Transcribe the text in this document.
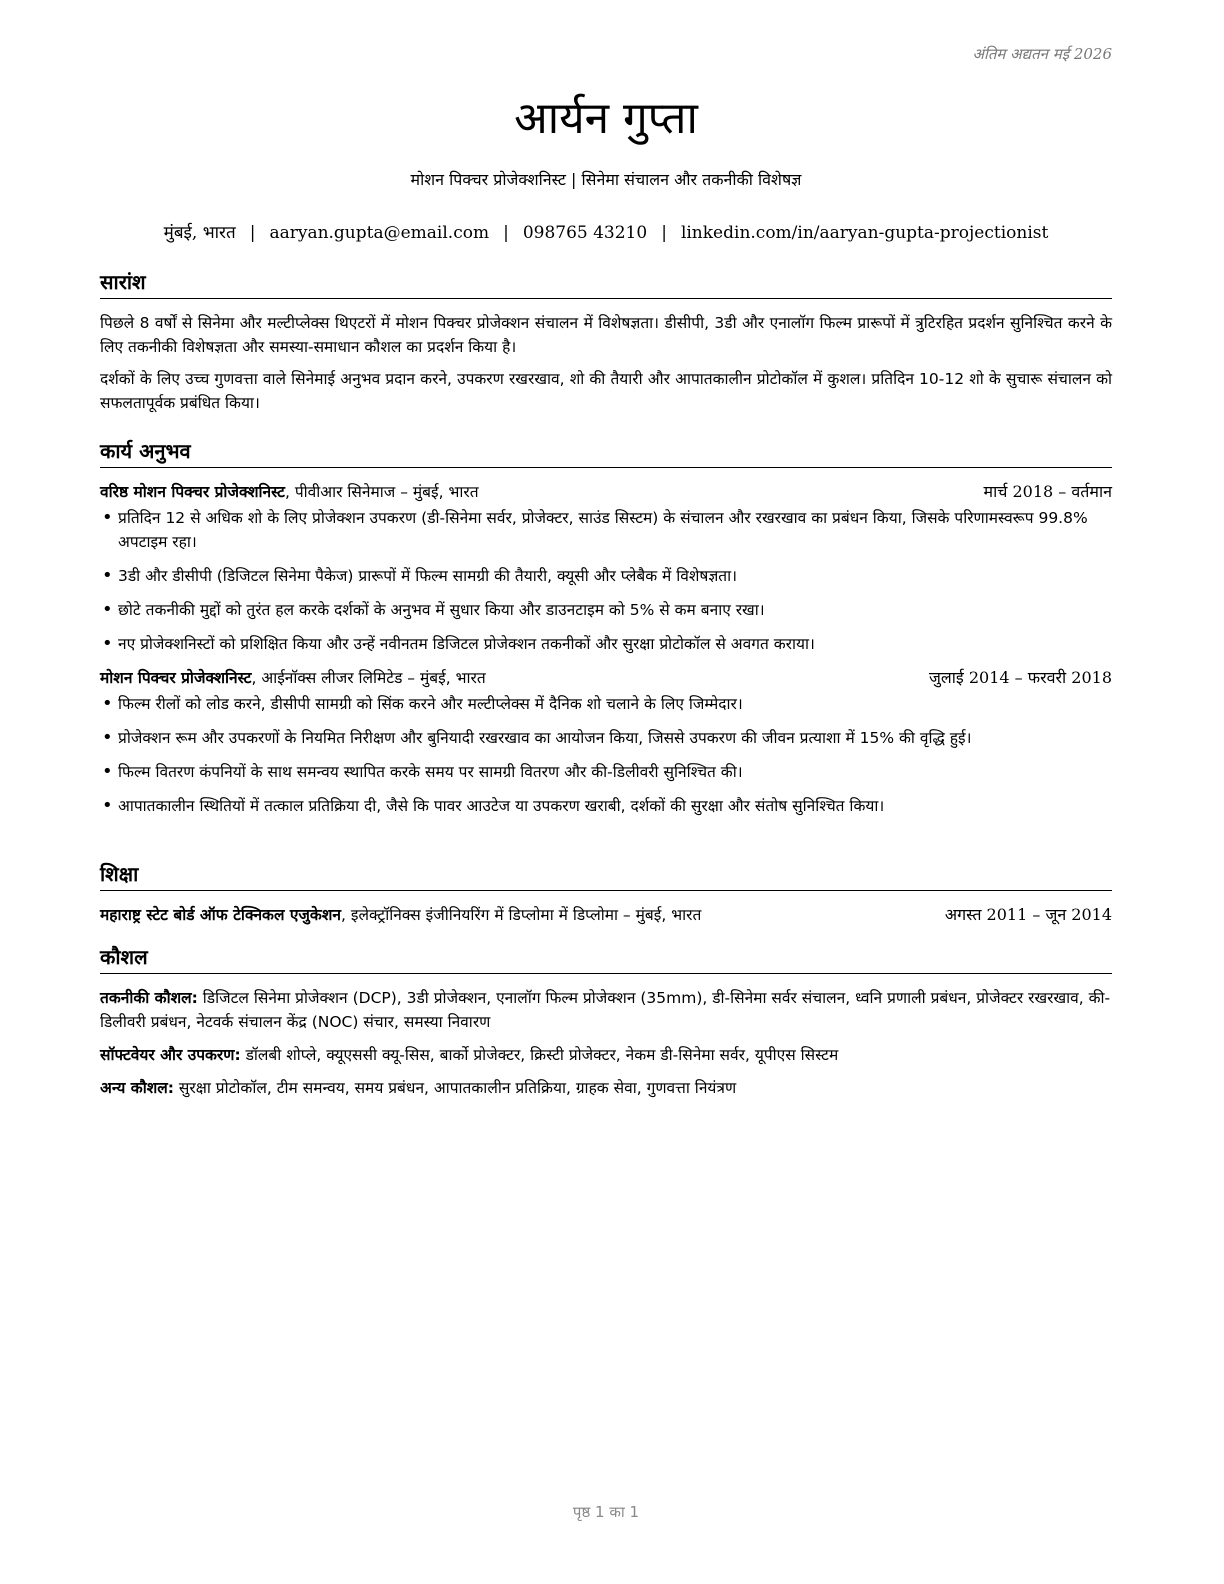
अंतिम अद्यतन मई 2026
आर्यन गुप्ता
मोशन पिक्चर प्रोजेक्शनिस्ट | सिनेमा संचालन और तकनीकी विशेषज्ञ
मुंबई, भारत | aaryan.gupta@email.com | 098765 43210 | linkedin.com/in/aaryan-gupta-projectionist
सारांश

पिछले 8 वर्षों से सिनेमा और मल्टीप्लेक्स थिएटरों में मोशन पिक्चर प्रोजेक्शन संचालन में विशेषज्ञता। डीसीपी, 3डी और एनालॉग फिल्म प्रारूपों में त्रुटिरहित प्रदर्शन सुनिश्चित करने के लिए तकनीकी विशेषज्ञता और समस्या-समाधान कौशल का प्रदर्शन किया है।

दर्शकों के लिए उच्च गुणवत्ता वाले सिनेमाई अनुभव प्रदान करने, उपकरण रखरखाव, शो की तैयारी और आपातकालीन प्रोटोकॉल में कुशल। प्रतिदिन 10-12 शो के सुचारू संचालन को सफलतापूर्वक प्रबंधित किया।

कार्य अनुभव
वरिष्ठ मोशन पिक्चर प्रोजेक्शनिस्ट, पीवीआर सिनेमाज – मुंबई, भारत	मार्च 2018 – वर्तमान
• प्रतिदिन 12 से अधिक शो के लिए प्रोजेक्शन उपकरण (डी-सिनेमा सर्वर, प्रोजेक्टर, साउंड सिस्टम) के संचालन और रखरखाव का प्रबंधन किया, जिसके परिणामस्वरूप 99.8% अपटाइम रहा।
• 3डी और डीसीपी (डिजिटल सिनेमा पैकेज) प्रारूपों में फिल्म सामग्री की तैयारी, क्यूसी और प्लेबैक में विशेषज्ञता।
• छोटे तकनीकी मुद्दों को तुरंत हल करके दर्शकों के अनुभव में सुधार किया और डाउनटाइम को 5% से कम बनाए रखा।
• नए प्रोजेक्शनिस्टों को प्रशिक्षित किया और उन्हें नवीनतम डिजिटल प्रोजेक्शन तकनीकों और सुरक्षा प्रोटोकॉल से अवगत कराया।
मोशन पिक्चर प्रोजेक्शनिस्ट, आईनॉक्स लीजर लिमिटेड – मुंबई, भारत	जुलाई 2014 – फरवरी 2018
• फिल्म रीलों को लोड करने, डीसीपी सामग्री को सिंक करने और मल्टीप्लेक्स में दैनिक शो चलाने के लिए जिम्मेदार।
• प्रोजेक्शन रूम और उपकरणों के नियमित निरीक्षण और बुनियादी रखरखाव का आयोजन किया, जिससे उपकरण की जीवन प्रत्याशा में 15% की वृद्धि हुई।
• फिल्म वितरण कंपनियों के साथ समन्वय स्थापित करके समय पर सामग्री वितरण और की-डिलीवरी सुनिश्चित की।
• आपातकालीन स्थितियों में तत्काल प्रतिक्रिया दी, जैसे कि पावर आउटेज या उपकरण खराबी, दर्शकों की सुरक्षा और संतोष सुनिश्चित किया।
शिक्षा
महाराष्ट्र स्टेट बोर्ड ऑफ टेक्निकल एजुकेशन, इलेक्ट्रॉनिक्स इंजीनियरिंग में डिप्लोमा में डिप्लोमा – मुंबई, भारत	अगस्त 2011 – जून 2014
कौशल

तकनीकी कौशल: डिजिटल सिनेमा प्रोजेक्शन (DCP), 3डी प्रोजेक्शन, एनालॉग फिल्म प्रोजेक्शन (35mm), डी-सिनेमा सर्वर संचालन, ध्वनि प्रणाली प्रबंधन, प्रोजेक्टर रखरखाव, की-डिलीवरी प्रबंधन, नेटवर्क संचालन केंद्र (NOC) संचार, समस्या निवारण

सॉफ्टवेयर और उपकरण: डॉलबी शोप्ले, क्यूएससी क्यू-सिस, बार्को प्रोजेक्टर, क्रिस्टी प्रोजेक्टर, नेकम डी-सिनेमा सर्वर, यूपीएस सिस्टम

अन्य कौशल: सुरक्षा प्रोटोकॉल, टीम समन्वय, समय प्रबंधन, आपातकालीन प्रतिक्रिया, ग्राहक सेवा, गुणवत्ता नियंत्रण

पृष्ठ 1 का 1
